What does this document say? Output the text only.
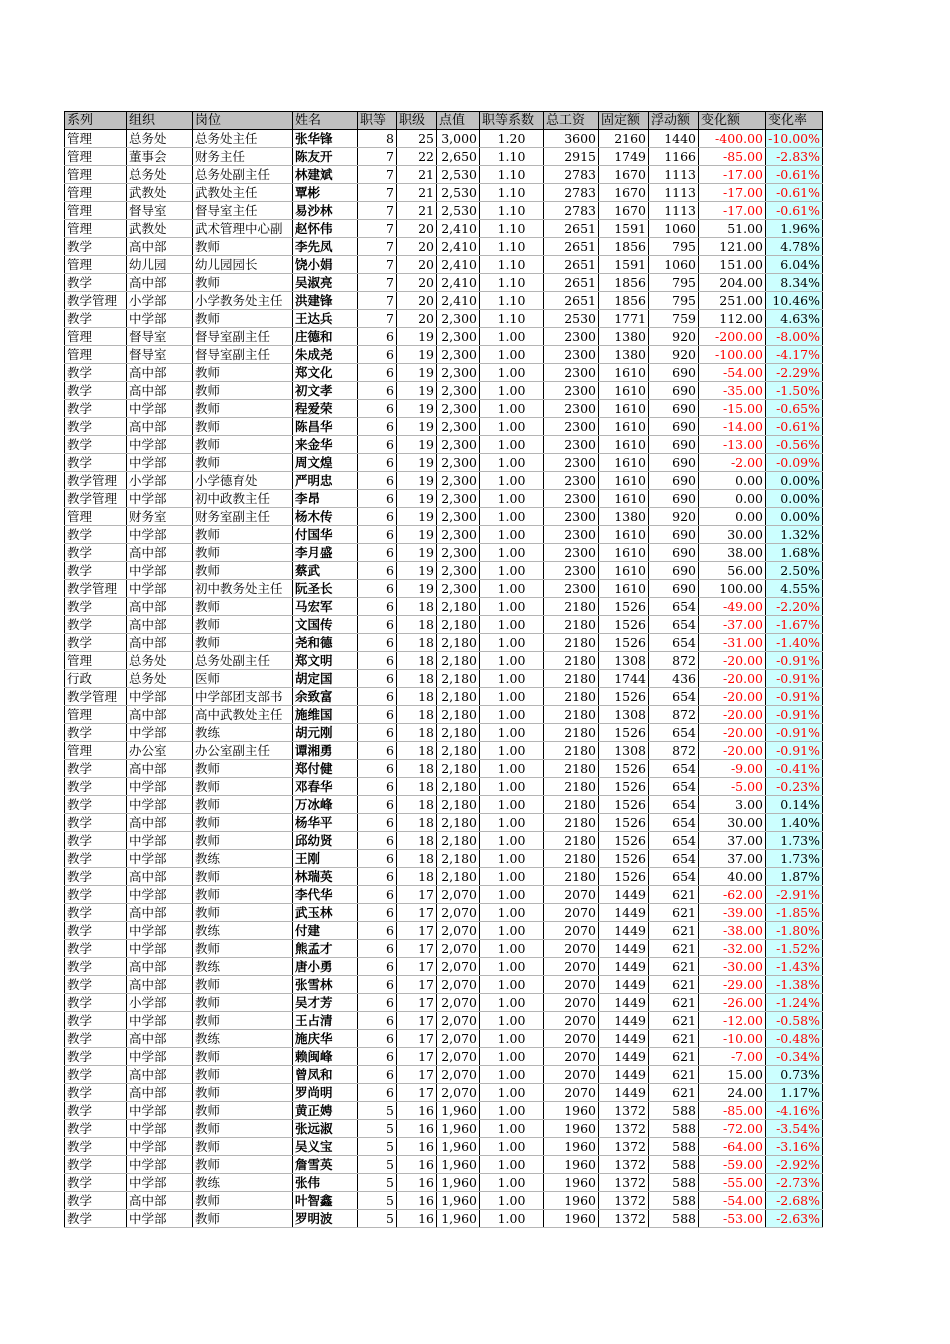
系列	组织	岗位	姓名	职等	职级	点值	职等系数	总工资	固定额	浮动额	变化额	变化率
管理	总务处	总务处主任	张华锋	8	25	3,000	1.20	3600	2160	1440	-400.00	-10.00%
管理	董事会	财务主任	陈友开	7	22	2,650	1.10	2915	1749	1166	-85.00	-2.83%
管理	总务处	总务处副主任	林建斌	7	21	2,530	1.10	2783	1670	1113	-17.00	-0.61%
管理	武教处	武教处主任	覃彬	7	21	2,530	1.10	2783	1670	1113	-17.00	-0.61%
管理	督导室	督导室主任	易沙林	7	21	2,530	1.10	2783	1670	1113	-17.00	-0.61%
管理	武教处	武术管理中心副	赵怀伟	7	20	2,410	1.10	2651	1591	1060	51.00	1.96%
教学	高中部	教师	李先凤	7	20	2,410	1.10	2651	1856	795	121.00	4.78%
管理	幼儿园	幼儿园园长	饶小娟	7	20	2,410	1.10	2651	1591	1060	151.00	6.04%
教学	高中部	教师	吴淑亮	7	20	2,410	1.10	2651	1856	795	204.00	8.34%
教学管理	小学部	小学教务处主任	洪建锋	7	20	2,410	1.10	2651	1856	795	251.00	10.46%
教学	中学部	教师	王达兵	7	20	2,300	1.10	2530	1771	759	112.00	4.63%
管理	督导室	督导室副主任	庄德和	6	19	2,300	1.00	2300	1380	920	-200.00	-8.00%
管理	督导室	督导室副主任	朱成尧	6	19	2,300	1.00	2300	1380	920	-100.00	-4.17%
教学	高中部	教师	郑文化	6	19	2,300	1.00	2300	1610	690	-54.00	-2.29%
教学	高中部	教师	初文孝	6	19	2,300	1.00	2300	1610	690	-35.00	-1.50%
教学	中学部	教师	程爱荣	6	19	2,300	1.00	2300	1610	690	-15.00	-0.65%
教学	高中部	教师	陈昌华	6	19	2,300	1.00	2300	1610	690	-14.00	-0.61%
教学	中学部	教师	来金华	6	19	2,300	1.00	2300	1610	690	-13.00	-0.56%
教学	中学部	教师	周文煌	6	19	2,300	1.00	2300	1610	690	-2.00	-0.09%
教学管理	小学部	小学德育处	严明忠	6	19	2,300	1.00	2300	1610	690	0.00	0.00%
教学管理	中学部	初中政教主任	李昂	6	19	2,300	1.00	2300	1610	690	0.00	0.00%
管理	财务室	财务室副主任	杨木传	6	19	2,300	1.00	2300	1380	920	0.00	0.00%
教学	中学部	教师	付国华	6	19	2,300	1.00	2300	1610	690	30.00	1.32%
教学	高中部	教师	李月盛	6	19	2,300	1.00	2300	1610	690	38.00	1.68%
教学	中学部	教师	蔡武	6	19	2,300	1.00	2300	1610	690	56.00	2.50%
教学管理	中学部	初中教务处主任	阮圣长	6	19	2,300	1.00	2300	1610	690	100.00	4.55%
教学	高中部	教师	马宏军	6	18	2,180	1.00	2180	1526	654	-49.00	-2.20%
教学	高中部	教师	文国传	6	18	2,180	1.00	2180	1526	654	-37.00	-1.67%
教学	高中部	教师	尧和德	6	18	2,180	1.00	2180	1526	654	-31.00	-1.40%
管理	总务处	总务处副主任	郑文明	6	18	2,180	1.00	2180	1308	872	-20.00	-0.91%
行政	总务处	医师	胡定国	6	18	2,180	1.00	2180	1744	436	-20.00	-0.91%
教学管理	中学部	中学部团支部书	余致富	6	18	2,180	1.00	2180	1526	654	-20.00	-0.91%
管理	高中部	高中武教处主任	施维国	6	18	2,180	1.00	2180	1308	872	-20.00	-0.91%
教学	中学部	教练	胡元刚	6	18	2,180	1.00	2180	1526	654	-20.00	-0.91%
管理	办公室	办公室副主任	谭湘勇	6	18	2,180	1.00	2180	1308	872	-20.00	-0.91%
教学	高中部	教师	郑付健	6	18	2,180	1.00	2180	1526	654	-9.00	-0.41%
教学	中学部	教师	邓春华	6	18	2,180	1.00	2180	1526	654	-5.00	-0.23%
教学	中学部	教师	万冰峰	6	18	2,180	1.00	2180	1526	654	3.00	0.14%
教学	高中部	教师	杨华平	6	18	2,180	1.00	2180	1526	654	30.00	1.40%
教学	中学部	教师	邱幼贤	6	18	2,180	1.00	2180	1526	654	37.00	1.73%
教学	中学部	教练	王刚	6	18	2,180	1.00	2180	1526	654	37.00	1.73%
教学	高中部	教师	林瑞英	6	18	2,180	1.00	2180	1526	654	40.00	1.87%
教学	中学部	教师	李代华	6	17	2,070	1.00	2070	1449	621	-62.00	-2.91%
教学	高中部	教师	武玉林	6	17	2,070	1.00	2070	1449	621	-39.00	-1.85%
教学	中学部	教练	付建	6	17	2,070	1.00	2070	1449	621	-38.00	-1.80%
教学	中学部	教师	熊孟才	6	17	2,070	1.00	2070	1449	621	-32.00	-1.52%
教学	高中部	教练	唐小勇	6	17	2,070	1.00	2070	1449	621	-30.00	-1.43%
教学	高中部	教师	张雪林	6	17	2,070	1.00	2070	1449	621	-29.00	-1.38%
教学	小学部	教师	吴才芳	6	17	2,070	1.00	2070	1449	621	-26.00	-1.24%
教学	中学部	教师	王占清	6	17	2,070	1.00	2070	1449	621	-12.00	-0.58%
教学	高中部	教练	施庆华	6	17	2,070	1.00	2070	1449	621	-10.00	-0.48%
教学	中学部	教师	赖闽峰	6	17	2,070	1.00	2070	1449	621	-7.00	-0.34%
教学	高中部	教师	曾凤和	6	17	2,070	1.00	2070	1449	621	15.00	0.73%
教学	高中部	教师	罗尚明	6	17	2,070	1.00	2070	1449	621	24.00	1.17%
教学	中学部	教师	黄正娉	5	16	1,960	1.00	1960	1372	588	-85.00	-4.16%
教学	中学部	教师	张远淑	5	16	1,960	1.00	1960	1372	588	-72.00	-3.54%
教学	中学部	教师	吴义宝	5	16	1,960	1.00	1960	1372	588	-64.00	-3.16%
教学	中学部	教师	詹雪英	5	16	1,960	1.00	1960	1372	588	-59.00	-2.92%
教学	中学部	教练	张伟	5	16	1,960	1.00	1960	1372	588	-55.00	-2.73%
教学	高中部	教师	叶智鑫	5	16	1,960	1.00	1960	1372	588	-54.00	-2.68%
教学	中学部	教师	罗明波	5	16	1,960	1.00	1960	1372	588	-53.00	-2.63%
